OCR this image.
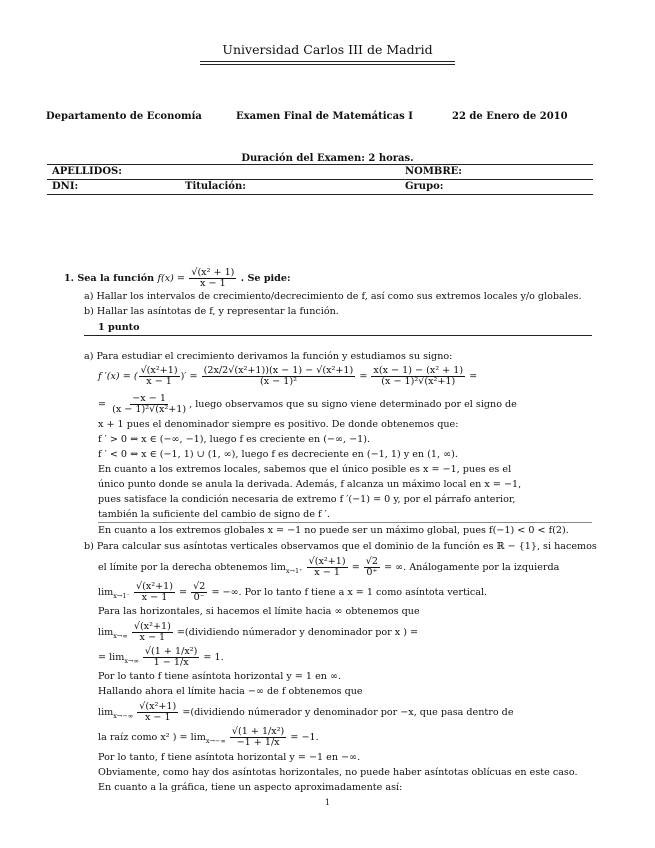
Universidad Carlos III de Madrid
Departamento de Economía	Examen Final de Matemáticas I	22 de Enero de 2010
Duración del Examen: 2 horas.
APELLIDOS:	NOMBRE:
DNI:	Titulación:	Grupo:
1. Sea la función $f(x) = \frac{\text{√(x² + 1)}}{x - 1}$ . Se pide:
a) Hallar los intervalos de crecimiento/decrecimiento de f, así como sus extremos locales y/o globales.
b) Hallar las asíntotas de f, y representar la función.
1 punto
a) Para estudiar el crecimiento derivamos la función y estudiamos su signo:
f ′(x) = ( $\frac{\text{√(x²+1)}}{x - 1}$ )′ = $\frac{\text{(2x/2√(x²+1))(x − 1) − √(x²+1)}}{\text{(x − 1)²}} = \frac{\text{x(x − 1) − (x² + 1)}}{\text{(x − 1)²√(x²+1)}}$ =
= $\frac{-x - 1}{\text{(x − 1)²√(x²+1)}}$ , luego observamos que su signo viene determinado por el signo de
x + 1 pues el denominador siempre es positivo. De donde obtenemos que:
f ′ > 0 ⇔ x ∈ (−∞, −1), luego f es creciente en (−∞, −1).
f ′ < 0 ⇔ x ∈ (−1, 1) ∪ (1, ∞), luego f es decreciente en (−1, 1) y en (1, ∞).
En cuanto a los extremos locales, sabemos que el único posible es x = −1, pues es el
único punto donde se anula la derivada. Además, f alcanza un máximo local en x = −1,
pues satisface la condición necesaria de extremo f ′(−1) = 0 y, por el párrafo anterior,
también la suficiente del cambio de signo de f ′.
En cuanto a los extremos globales x = −1 no puede ser un máximo global, pues f(−1) < 0 < f(2).
b) Para calcular sus asíntotas verticales observamos que el dominio de la función es ℝ − {1}, si hacemos
el límite por la derecha obtenemos $\lim_{x\to 1^+} \frac{\text{√(x²+1)}}{x - 1} = \frac{√2}{0^+}$ = ∞. Análogamente por la izquierda
$\lim_{x\to 1^-} \frac{\text{√(x²+1)}}{x - 1} = \frac{√2}{0^-}$ = −∞. Por lo tanto f tiene a x = 1 como asíntota vertical.
Para las horizontales, si hacemos el límite hacia ∞ obtenemos que
$\lim_{x\to\infty} \frac{\text{√(x²+1)}}{x - 1}$ =(dividiendo númerador y denominador por x ) =
= $\lim_{x\to\infty} \frac{\text{√(1 + 1/x²)}}{1 - 1/x} = 1$.
Por lo tanto f tiene asíntota horizontal y = 1 en ∞.
Hallando ahora el límite hacia −∞ de f obtenemos que
$\lim_{x\to-\infty} \frac{\text{√(x²+1)}}{x - 1}$ =(dividiendo númerador y denominador por −x, que pasa dentro de
la raíz como x² ) = $\lim_{x\to-\infty} \frac{\text{√(1 + 1/x²)}}{-1 + 1/x} = -1$.
Por lo tanto, f tiene asíntota horizontal y = −1 en −∞.
Obviamente, como hay dos asíntotas horizontales, no puede haber asíntotas oblícuas en este caso.
En cuanto a la gráfica, tiene un aspecto aproximadamente así:
1
